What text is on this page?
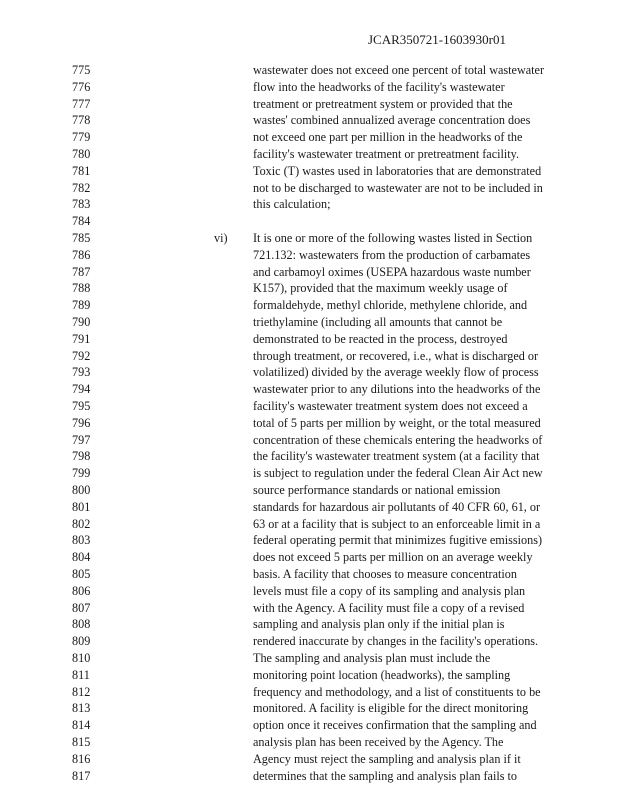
JCAR350721-1603930r01
775	wastewater does not exceed one percent of total wastewater
776	flow into the headworks of the facility's wastewater
777	treatment or pretreatment system or provided that the
778	wastes' combined annualized average concentration does
779	not exceed one part per million in the headworks of the
780	facility's wastewater treatment or pretreatment facility.
781	Toxic (T) wastes used in laboratories that are demonstrated
782	not to be discharged to wastewater are not to be included in
783	this calculation;
784
785	vi) It is one or more of the following wastes listed in Section
786	721.132: wastewaters from the production of carbamates
787	and carbamoyl oximes (USEPA hazardous waste number
788	K157), provided that the maximum weekly usage of
789	formaldehyde, methyl chloride, methylene chloride, and
790	triethylamine (including all amounts that cannot be
791	demonstrated to be reacted in the process, destroyed
792	through treatment, or recovered, i.e., what is discharged or
793	volatilized) divided by the average weekly flow of process
794	wastewater prior to any dilutions into the headworks of the
795	facility's wastewater treatment system does not exceed a
796	total of 5 parts per million by weight, or the total measured
797	concentration of these chemicals entering the headworks of
798	the facility's wastewater treatment system (at a facility that
799	is subject to regulation under the federal Clean Air Act new
800	source performance standards or national emission
801	standards for hazardous air pollutants of 40 CFR 60, 61, or
802	63 or at a facility that is subject to an enforceable limit in a
803	federal operating permit that minimizes fugitive emissions)
804	does not exceed 5 parts per million on an average weekly
805	basis. A facility that chooses to measure concentration
806	levels must file a copy of its sampling and analysis plan
807	with the Agency. A facility must file a copy of a revised
808	sampling and analysis plan only if the initial plan is
809	rendered inaccurate by changes in the facility's operations.
810	The sampling and analysis plan must include the
811	monitoring point location (headworks), the sampling
812	frequency and methodology, and a list of constituents to be
813	monitored. A facility is eligible for the direct monitoring
814	option once it receives confirmation that the sampling and
815	analysis plan has been received by the Agency. The
816	Agency must reject the sampling and analysis plan if it
817	determines that the sampling and analysis plan fails to
